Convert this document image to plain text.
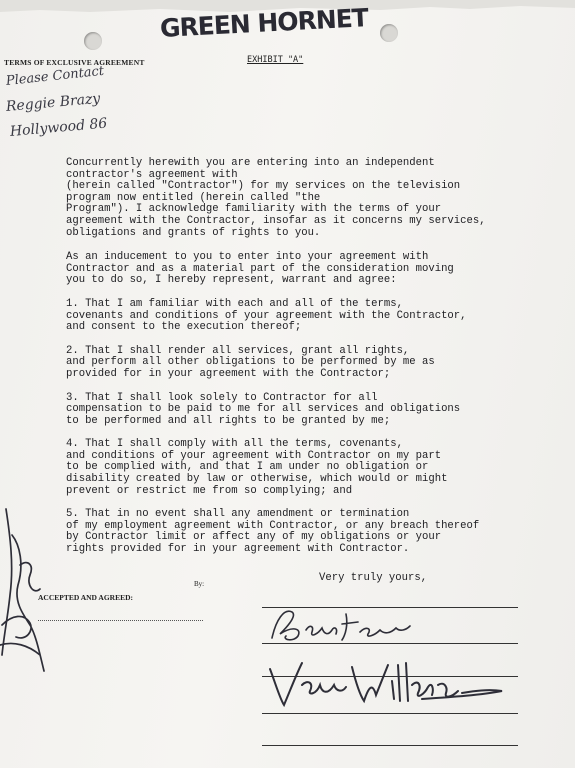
GREEN HORNET
TERMS OF EXCLUSIVE AGREEMENT	EXHIBIT "A"
Please Contact
Reggie Brazy
Hollywood 86

Concurrently herewith you are entering into an independent
contractor's agreement with
(herein called "Contractor") for my services on the television
program now entitled (herein called "the
Program"). I acknowledge familiarity with the terms of your
agreement with the Contractor, insofar as it concerns my services,
obligations and grants of rights to you.

As an inducement to you to enter into your agreement with
Contractor and as a material part of the consideration moving
you to do so, I hereby represent, warrant and agree:

1. That I am familiar with each and all of the terms,
covenants and conditions of your agreement with the Contractor,
and consent to the execution thereof;

2. That I shall render all services, grant all rights,
and perform all other obligations to be performed by me as
provided for in your agreement with the Contractor;

3. That I shall look solely to Contractor for all
compensation to be paid to me for all services and obligations
to be performed and all rights to be granted by me;

4. That I shall comply with all the terms, covenants,
and conditions of your agreement with Contractor on my part
to be complied with, and that I am under no obligation or
disability created by law or otherwise, which would or might
prevent or restrict me from so complying; and

5. That in no event shall any amendment or termination
of my employment agreement with Contractor, or any breach thereof
by Contractor limit or affect any of my obligations or your
rights provided for in your agreement with Contractor.

Very truly yours,
By:
ACCEPTED AND AGREED:
